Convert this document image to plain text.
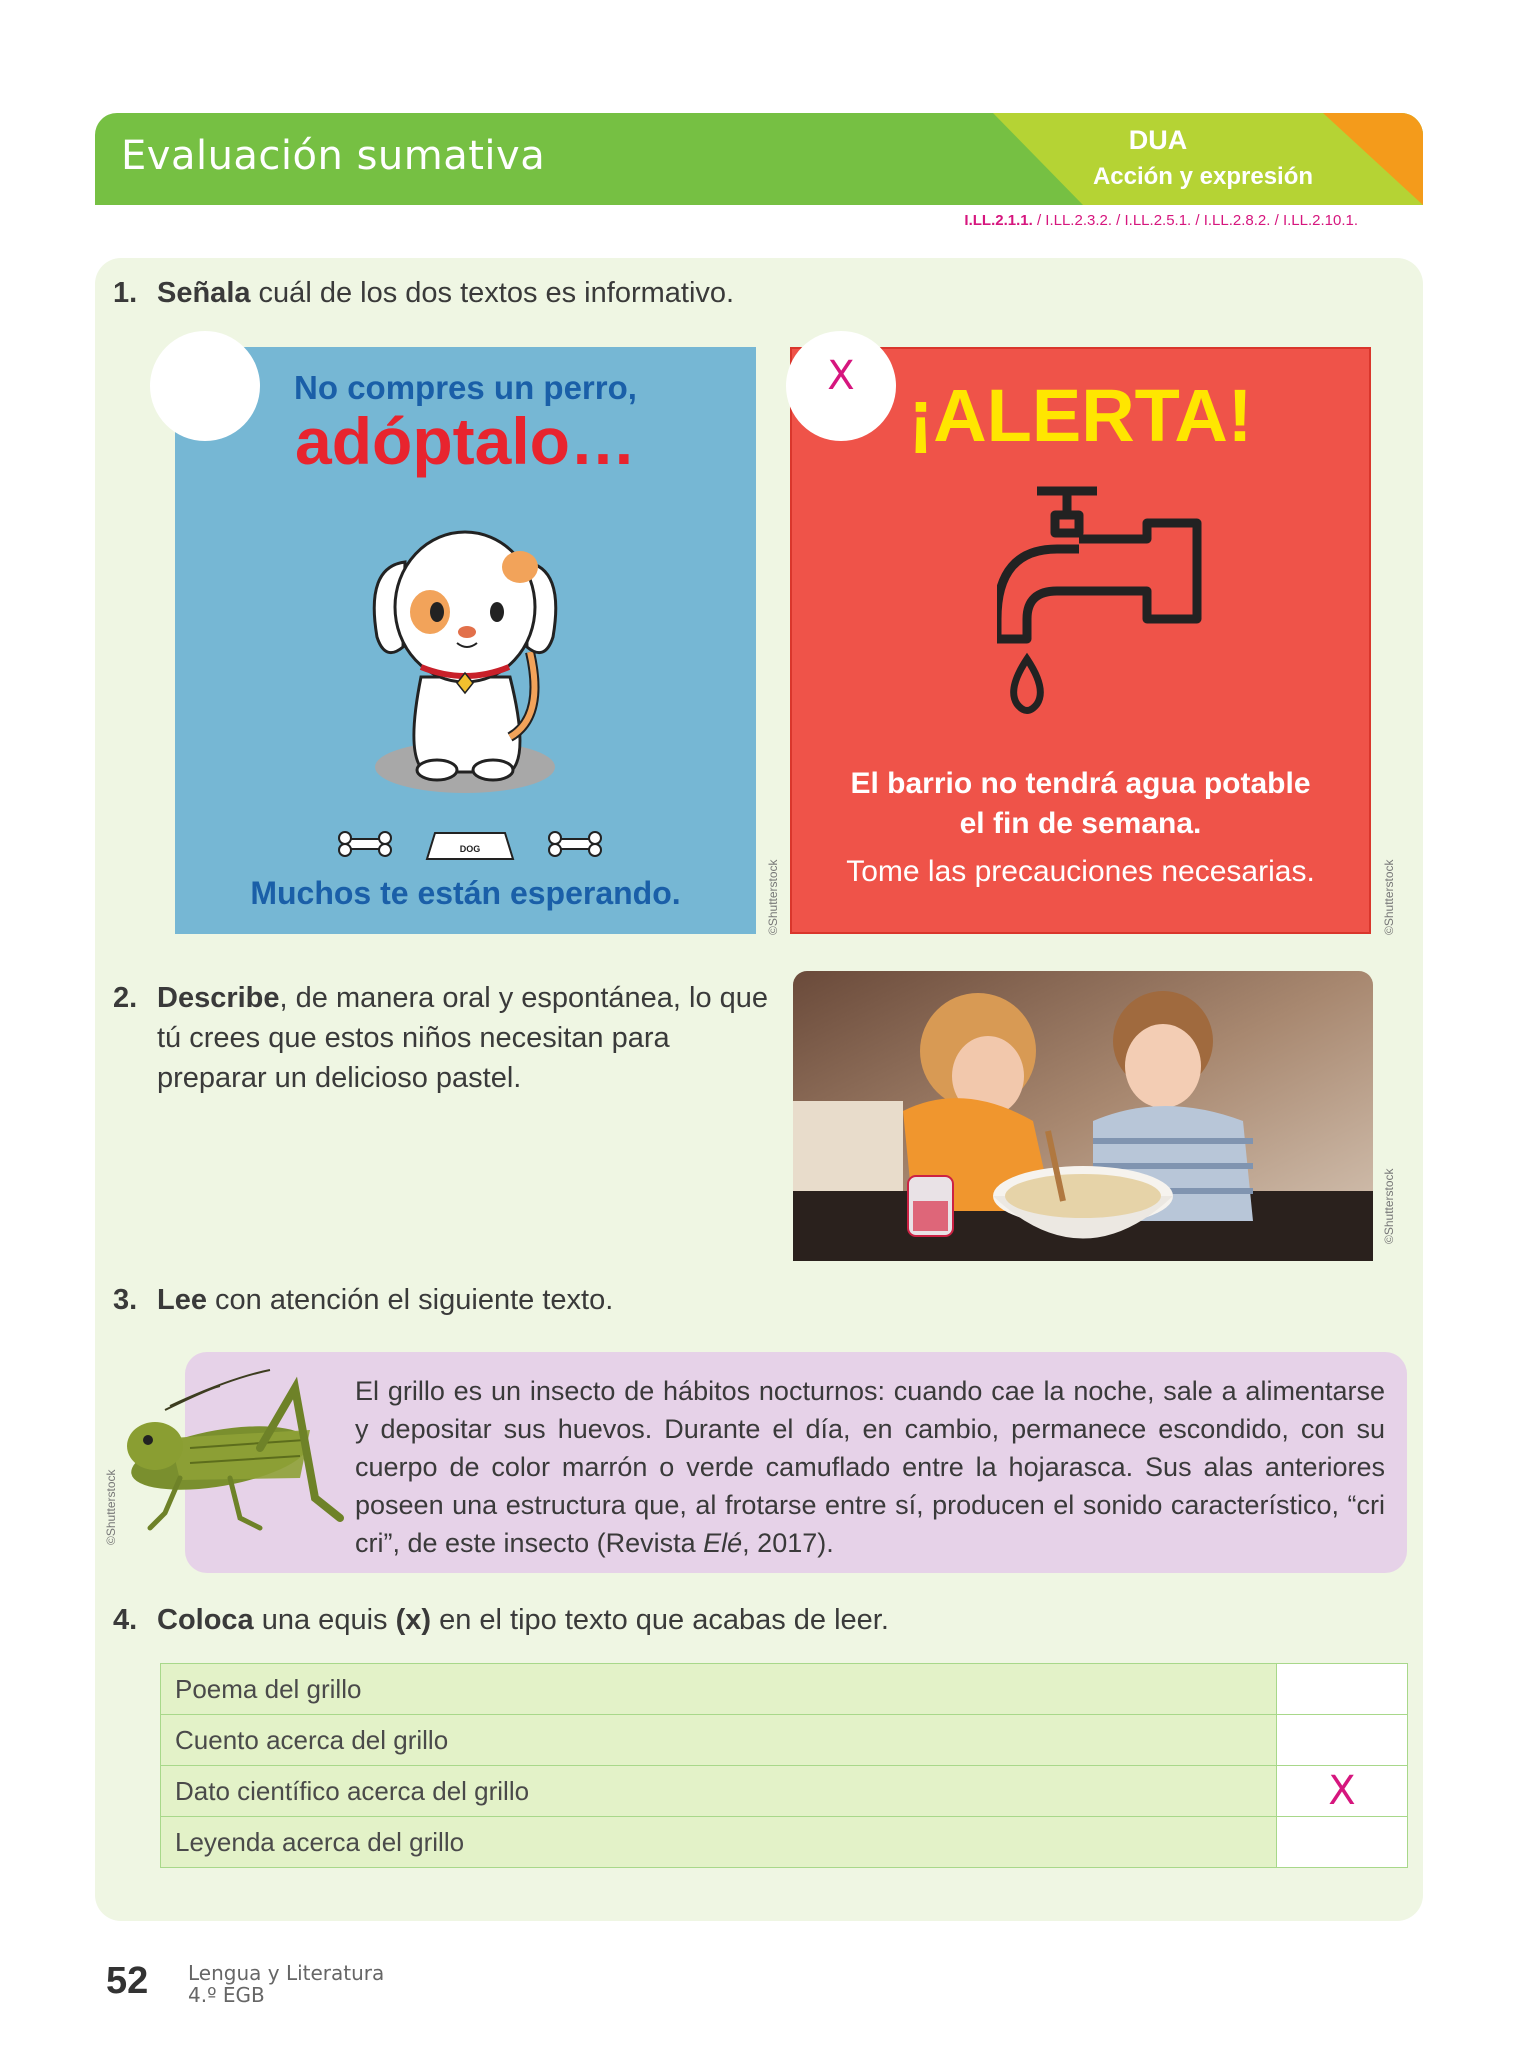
Evaluación sumativa	DUA
Acción y expresión
I.LL.2.1.1. / I.LL.2.3.2. / I.LL.2.5.1. / I.LL.2.8.2. / I.LL.2.10.1.
1. Señala cuál de los dos textos es informativo.
No compres un perro,
adóptalo…
DOG
Muchos te están esperando.	©Shutterstock
¡ALERTA!
El barrio no tendrá agua potable
el fin de semana.
Tome las precauciones necesarias.
X
©Shutterstock
2. Describe, de manera oral y espontánea, lo que tú crees que estos niños necesitan para preparar un delicioso pastel.
©Shutterstock
3. Lee con atención el siguiente texto.
El grillo es un insecto de hábitos nocturnos: cuando cae la noche, sale a alimentarse y depositar sus huevos. Durante el día, en cambio, permanece escondido, con su cuerpo de color marrón o verde camuflado entre la hojarasca. Sus alas anteriores poseen una estructura que, al frotarse entre sí, producen el sonido característico, “cri cri”, de este insecto (Revista Elé, 2017).
©Shutterstock
4. Coloca una equis (x) en el tipo texto que acabas de leer.
Poema del grillo	
Cuento acerca del grillo	
Dato científico acerca del grillo	X
Leyenda acerca del grillo	
52 Lengua y Literatura
4.º EGB
